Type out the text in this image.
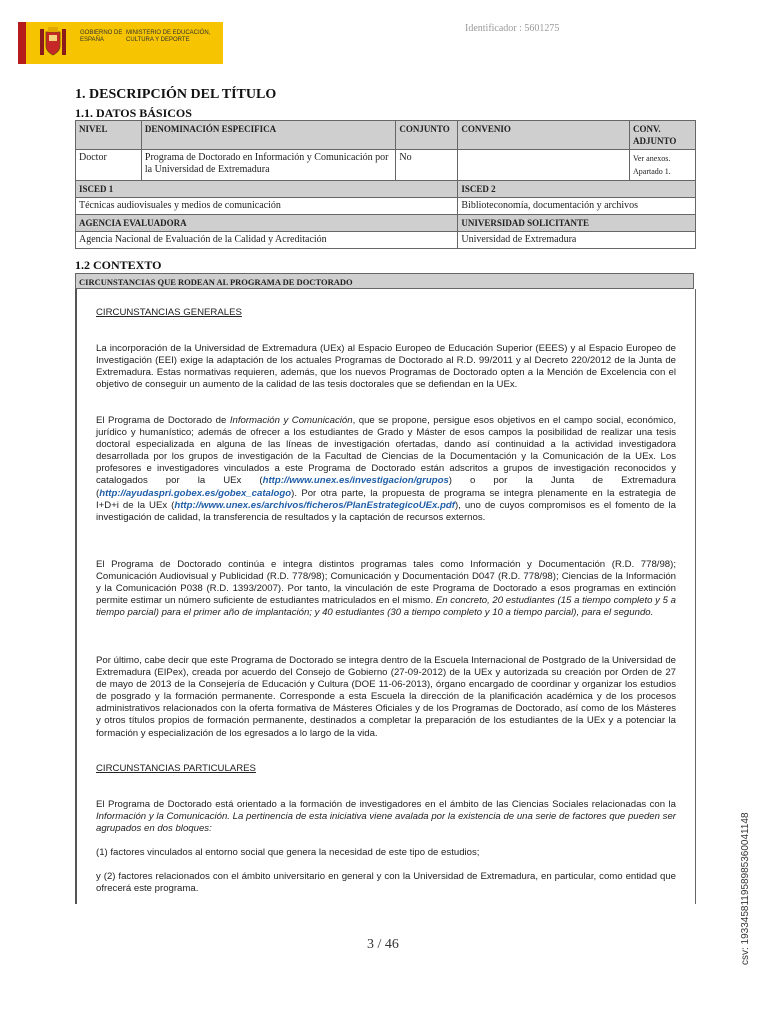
GOBIERNO DE ESPAÑA
MINISTERIO DE EDUCACIÓN, CULTURA Y DEPORTE
Identificador : 5601275
1. DESCRIPCIÓN DEL TÍTULO
1.1. DATOS BÁSICOS
NIVEL	DENOMINACIÓN ESPECIFICA	CONJUNTO	CONVENIO	CONV. ADJUNTO
Doctor	Programa de Doctorado en Información y Comunicación por la Universidad de Extremadura	No		Ver anexos. Apartado 1.
ISCED 1			ISCED 2	
Técnicas audiovisuales y medios de comunicación			Biblioteconomía, documentación y archivos	
AGENCIA EVALUADORA			UNIVERSIDAD SOLICITANTE	
Agencia Nacional de Evaluación de la Calidad y Acreditación			Universidad de Extremadura	
1.2 CONTEXTO
CIRCUNSTANCIAS QUE RODEAN AL PROGRAMA DE DOCTORADO
CIRCUNSTANCIAS GENERALES
La incorporación de la Universidad de Extremadura (UEx) al Espacio Europeo de Educación Superior (EEES) y al Espacio Europeo de Investigación (EEI) exige la adaptación de los actuales Programas de Doctorado al R.D. 99/2011 y al Decreto 220/2012 de la Junta de Extremadura. Estas normativas requieren, además, que los nuevos Programas de Doctorado opten a la Mención de Excelencia con el objetivo de conseguir un aumento de la calidad de las tesis doctorales que se defiendan en la UEx.
El Programa de Doctorado de Información y Comunicación, que se propone, persigue esos objetivos en el campo social, económico, jurídico y humanístico; además de ofrecer a los estudiantes de Grado y Máster de esos campos la posibilidad de realizar una tesis doctoral especializada en alguna de las líneas de investigación ofertadas, dando así continuidad a la actividad investigadora desarrollada por los grupos de investigación de la Facultad de Ciencias de la Documentación y la Comunicación de la UEx. Los profesores e investigadores vinculados a este Programa de Doctorado están adscritos a grupos de investigación reconocidos y catalogados por la UEx (http://www.unex.es/investigacion/grupos) o por la Junta de Extremadura (http://ayudaspri.gobex.es/gobex_catalogo). Por otra parte, la propuesta de programa se integra plenamente en la estrategia de I+D+i de la UEx (http://www.unex.es/archivos/ficheros/PlanEstrategicoUEx.pdf), uno de cuyos compromisos es el fomento de la investigación de calidad, la transferencia de resultados y la captación de recursos externos.
El Programa de Doctorado continúa e integra distintos programas tales como Información y Documentación (R.D. 778/98); Comunicación Audiovisual y Publicidad (R.D. 778/98); Comunicación y Documentación D047 (R.D. 778/98); Ciencias de la Información y la Comunicación P038 (R.D. 1393/2007). Por tanto, la vinculación de este Programa de Doctorado a esos programas en extinción permite estimar un número suficiente de estudiantes matriculados en el mismo. En concreto, 20 estudiantes (15 a tiempo completo y 5 a tiempo parcial) para el primer año de implantación; y 40 estudiantes (30 a tiempo completo y 10 a tiempo parcial), para el segundo.
Por último, cabe decir que este Programa de Doctorado se integra dentro de la Escuela Internacional de Postgrado de la Universidad de Extremadura (EIPex), creada por acuerdo del Consejo de Gobierno (27-09-2012) de la UEx y autorizada su creación por Orden de 27 de mayo de 2013 de la Consejería de Educación y Cultura (DOE 11-06-2013), órgano encargado de coordinar y organizar los estudios de posgrado y la formación permanente. Corresponde a esta Escuela la dirección de la planificación académica y de los procesos administrativos relacionados con la oferta formativa de Másteres Oficiales y de los Programas de Doctorado, así como de los Másteres y otros títulos propios de formación permanente, destinados a completar la preparación de los estudiantes de la UEx y a potenciar la formación y especialización de los egresados a lo largo de la vida.
CIRCUNSTANCIAS PARTICULARES
El Programa de Doctorado está orientado a la formación de investigadores en el ámbito de las Ciencias Sociales relacionadas con la Información y la Comunicación. La pertinencia de esta iniciativa viene avalada por la existencia de una serie de factores que pueden ser agrupados en dos bloques:
(1) factores vinculados al entorno social que genera la necesidad de este tipo de estudios;
y (2) factores relacionados con el ámbito universitario en general y con la Universidad de Extremadura, en particular, como entidad que ofrecerá este programa.
3 / 46	csv: 193345811958985360041148
